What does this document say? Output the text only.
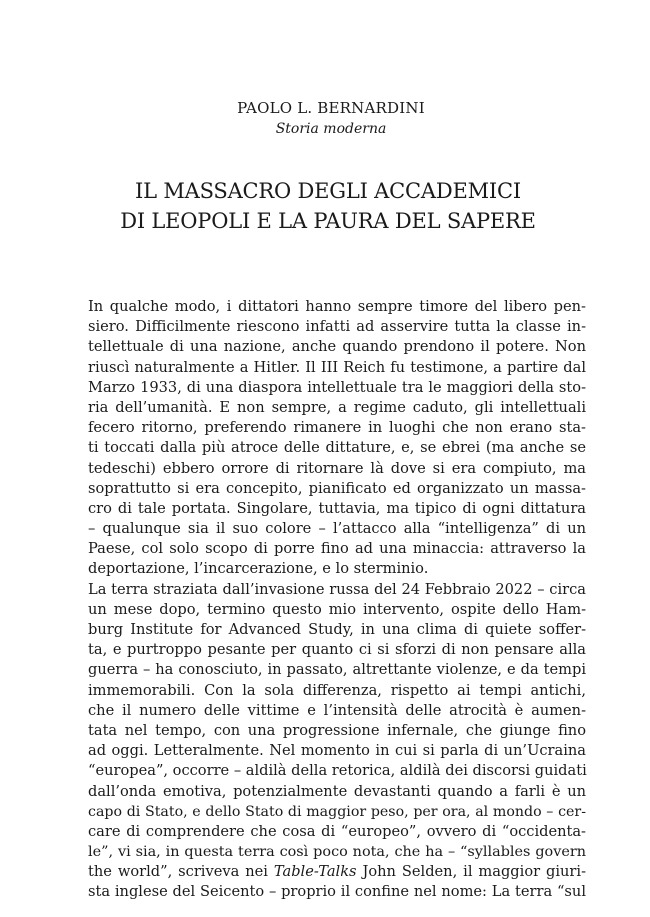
PAOLO L. BERNARDINI
Storia moderna
IL MASSACRO DEGLI ACCADEMICI
DI LEOPOLI E LA PAURA DEL SAPERE
In qualche modo, i dittatori hanno sempre timore del libero pen-
siero. Difficilmente riescono infatti ad asservire tutta la classe in-
tellettuale di una nazione, anche quando prendono il potere. Non
riuscì naturalmente a Hitler. Il III Reich fu testimone, a partire dal
Marzo 1933, di una diaspora intellettuale tra le maggiori della sto-
ria dell’umanità. E non sempre, a regime caduto, gli intellettuali
fecero ritorno, preferendo rimanere in luoghi che non erano sta-
ti toccati dalla più atroce delle dittature, e, se ebrei (ma anche se
tedeschi) ebbero orrore di ritornare là dove si era compiuto, ma
soprattutto si era concepito, pianificato ed organizzato un massa-
cro di tale portata. Singolare, tuttavia, ma tipico di ogni dittatura
– qualunque sia il suo colore – l’attacco alla “intelligenza” di un
Paese, col solo scopo di porre fino ad una minaccia: attraverso la
deportazione, l’incarcerazione, e lo sterminio.
La terra straziata dall’invasione russa del 24 Febbraio 2022 – circa
un mese dopo, termino questo mio intervento, ospite dello Ham-
burg Institute for Advanced Study, in una clima di quiete soffer-
ta, e purtroppo pesante per quanto ci si sforzi di non pensare alla
guerra – ha conosciuto, in passato, altrettante violenze, e da tempi
immemorabili. Con la sola differenza, rispetto ai tempi antichi,
che il numero delle vittime e l’intensità delle atrocità è aumen-
tata nel tempo, con una progressione infernale, che giunge fino
ad oggi. Letteralmente. Nel momento in cui si parla di un’Ucraina
“europea”, occorre – aldilà della retorica, aldilà dei discorsi guidati
dall’onda emotiva, potenzialmente devastanti quando a farli è un
capo di Stato, e dello Stato di maggior peso, per ora, al mondo – cer-
care di comprendere che cosa di “europeo”, ovvero di “occidenta-
le”, vi sia, in questa terra così poco nota, che ha – “syllables govern
the world”, scriveva nei Table-Talks John Selden, il maggior giuri-
sta inglese del Seicento – proprio il confine nel nome: La terra “sul
